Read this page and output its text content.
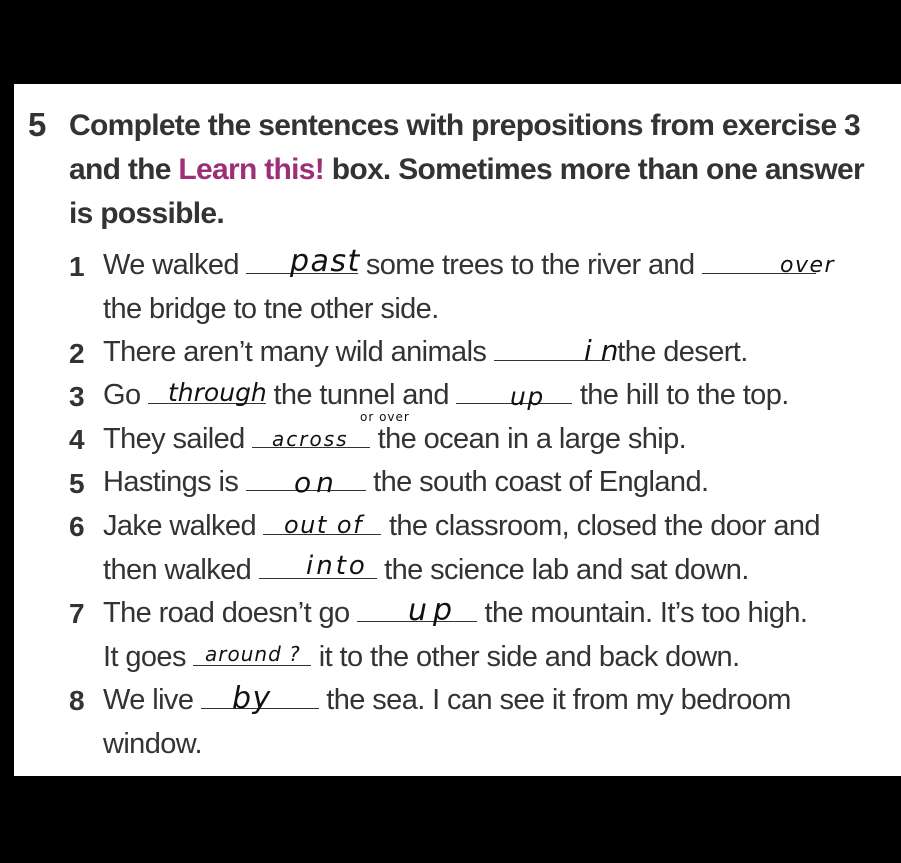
5 Complete the sentences with prepositions from exercise 3
and the Learn this! box. Sometimes more than one answer
is possible.

1 We walked	some trees to the river and
the bridge to tne other side.
2 There aren’t many wild animals	the desert.
3 Go	the tunnel and	the hill to the top.
4 They sailed	the ocean in a large ship.
5 Hastings is	the south coast of England.
6 Jake walked	the classroom, closed the door and
then walked	the science lab and sat down.
7 The road doesn’t go	the mountain. It’s too high.
It goes	it to the other side and back down.
8 We live	the sea. I can see it from my bedroom
window.
past	over
in
through	up
or over
across
on
out of
into
up
around ?
by
